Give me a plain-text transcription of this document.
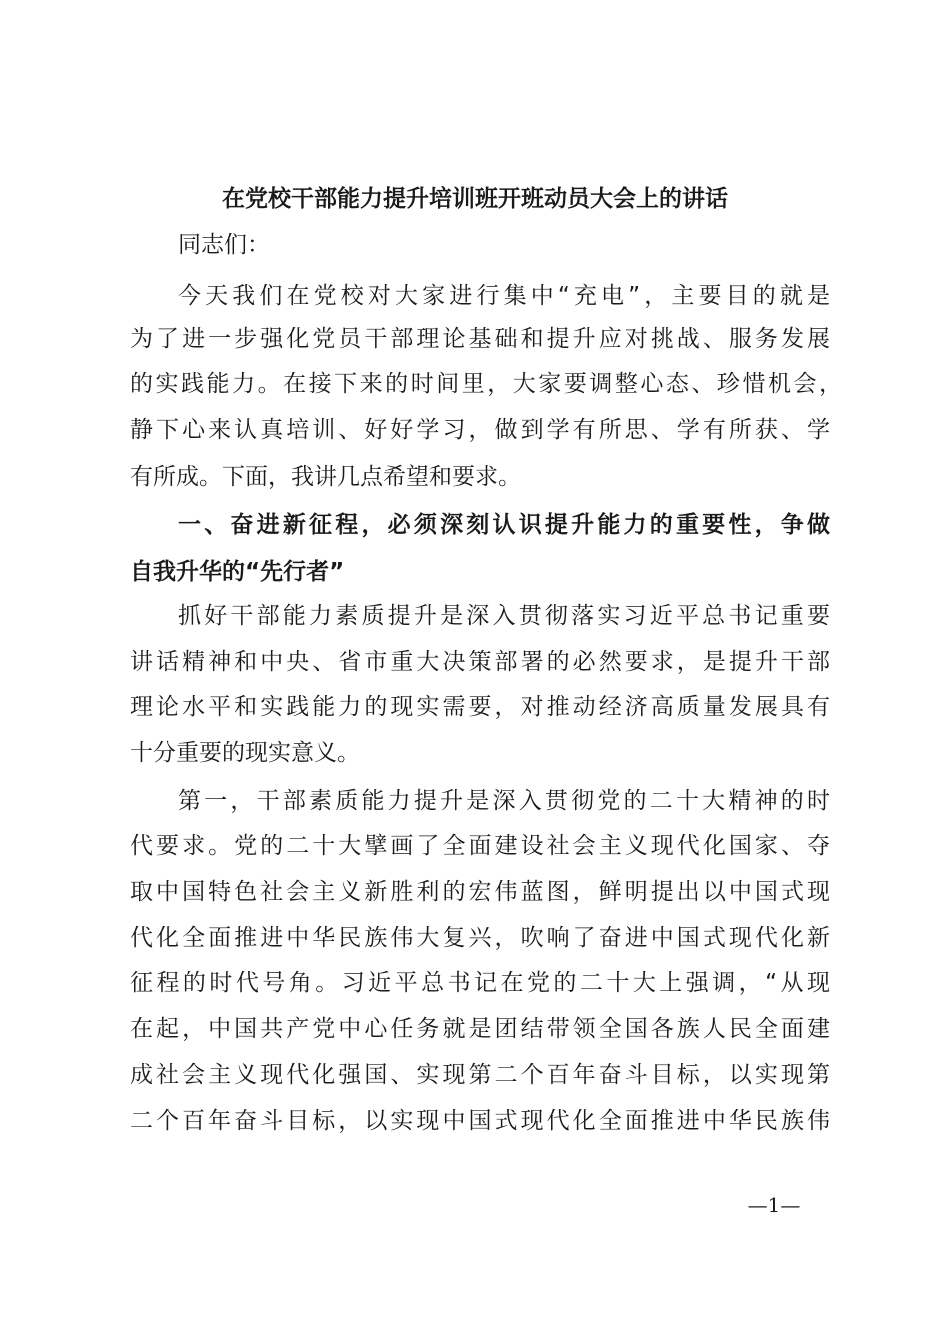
在党校干部能力提升培训班开班动员大会上的讲话
同志们：
今天我们在党校对大家进行集中“充电”，主要目的就是
为了进一步强化党员干部理论基础和提升应对挑战、服务发展
的实践能力。在接下来的时间里，大家要调整心态、珍惜机会，
静下心来认真培训、好好学习，做到学有所思、学有所获、学
有所成。下面，我讲几点希望和要求。
一、奋进新征程，必须深刻认识提升能力的重要性，争做
自我升华的“先行者”
抓好干部能力素质提升是深入贯彻落实习近平总书记重要
讲话精神和中央、省市重大决策部署的必然要求，是提升干部
理论水平和实践能力的现实需要，对推动经济高质量发展具有
十分重要的现实意义。
第一，干部素质能力提升是深入贯彻党的二十大精神的时
代要求。党的二十大擘画了全面建设社会主义现代化国家、夺
取中国特色社会主义新胜利的宏伟蓝图，鲜明提出以中国式现
代化全面推进中华民族伟大复兴，吹响了奋进中国式现代化新
征程的时代号角。习近平总书记在党的二十大上强调，“从现
在起，中国共产党中心任务就是团结带领全国各族人民全面建
成社会主义现代化强国、实现第二个百年奋斗目标，以实现第
二个百年奋斗目标，以实现中国式现代化全面推进中华民族伟
—1—
